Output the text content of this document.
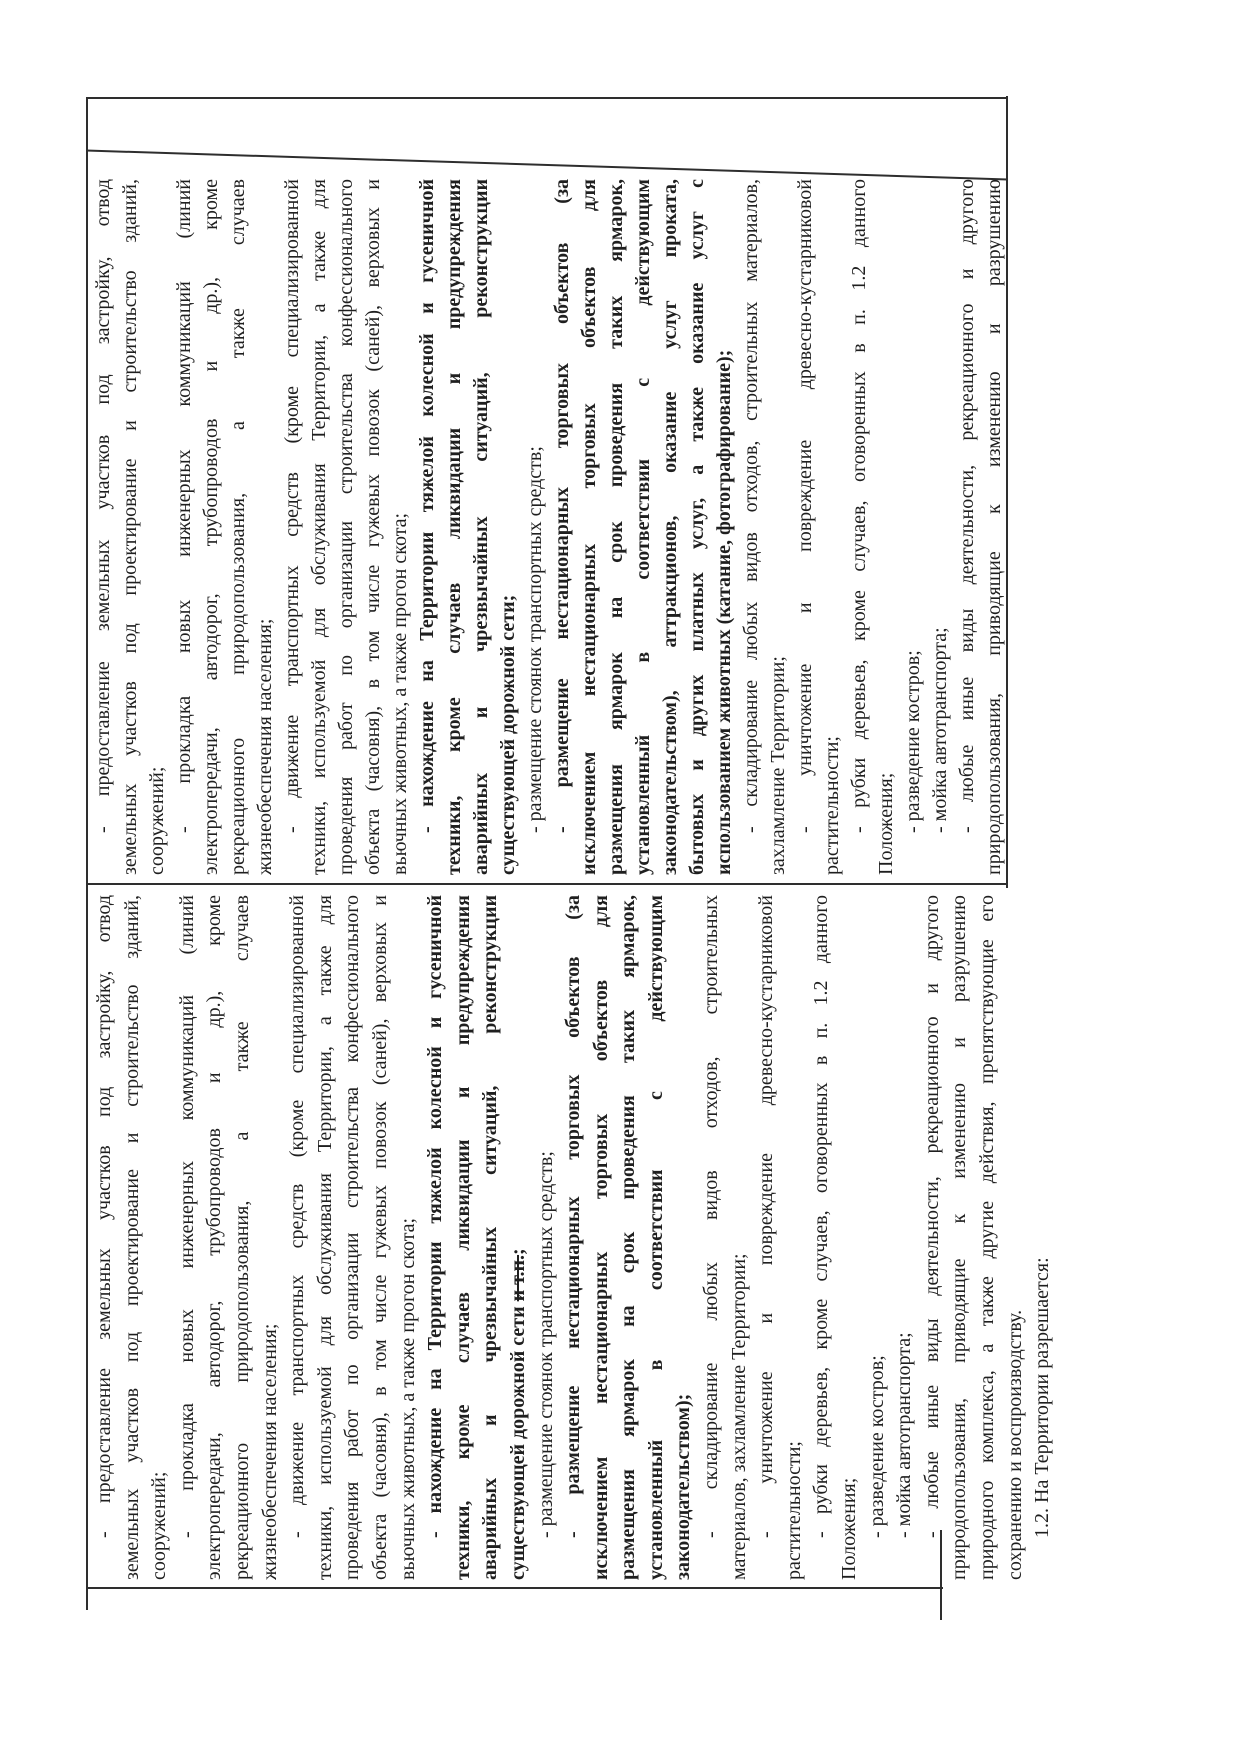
- предоставление земельных участков под застройку, отвод земельных участков под проектирование и строительство зданий, сооружений; - прокладка новых инженерных коммуникаций (линий электропередачи, автодорог, трубопроводов и др.), кроме рекреационного природопользования, а также случаев жизнеобеспечения населения; - движение транспортных средств (кроме специализированной техники, используемой для обслуживания Территории, а также для проведения работ по организации строительства конфессионального объекта (часовня), в том числе гужевых повозок (саней), верховых и вьючных животных, а также прогон скота; - нахождение на Территории тяжелой колесной и гусеничной техники, кроме случаев ликвидации и предупреждения аварийных и чрезвычайных ситуаций, реконструкции существующей дорожной сети и т.п.; - размещение стоянок транспортных средств; - размещение нестационарных торговых объектов (за исключением нестационарных торговых объектов для размещения ярмарок на срок проведения таких ярмарок, установленный в соответствии с действующим законодательством); - складирование любых видов отходов, строительных материалов, захламление Территории; - уничтожение и повреждение древесно-кустарниковой растительности; - рубки деревьев, кроме случаев, оговоренных в п. 1.2 данного Положения; - разведение костров; - мойка автотранспорта; - любые иные виды деятельности, рекреационного и другого природопользования, приводящие к изменению и разрушению природного комплекса, а также другие действия, препятствующие его сохранению и воспроизводству. 1.2. На Территории разрешается:
- предоставление земельных участков под застройку, отвод земельных участков под проектирование и строительство зданий, сооружений; - прокладка новых инженерных коммуникаций (линий электропередачи, автодорог, трубопроводов и др.), кроме рекреационного природопользования, а также случаев жизнеобеспечения населения; - движение транспортных средств (кроме специализированной техники, используемой для обслуживания Территории, а также для проведения работ по организации строительства конфессионального объекта (часовня), в том числе гужевых повозок (саней), верховых и вьючных животных, а также прогон скота; - нахождение на Территории тяжелой колесной и гусеничной техники, кроме случаев ликвидации и предупреждения аварийных и чрезвычайных ситуаций, реконструкции существующей дорожной сети; - размещение стоянок транспортных средств; - размещение нестационарных торговых объектов (за исключением нестационарных торговых объектов для размещения ярмарок на срок проведения таких ярмарок, установленный в соответствии с действующим законодательством), аттракционов, оказание услуг проката, бытовых и других платных услуг, а также оказание услуг с использованием животных (катание, фотографирование); - складирование любых видов отходов, строительных материалов, захламление Территории; - уничтожение и повреждение древесно-кустарниковой растительности; - рубки деревьев, кроме случаев, оговоренных в п. 1.2 данного Положения; - разведение костров; - мойка автотранспорта; - любые иные виды деятельности, рекреационного и другого природопользования, приводящие к изменению и разрушению
